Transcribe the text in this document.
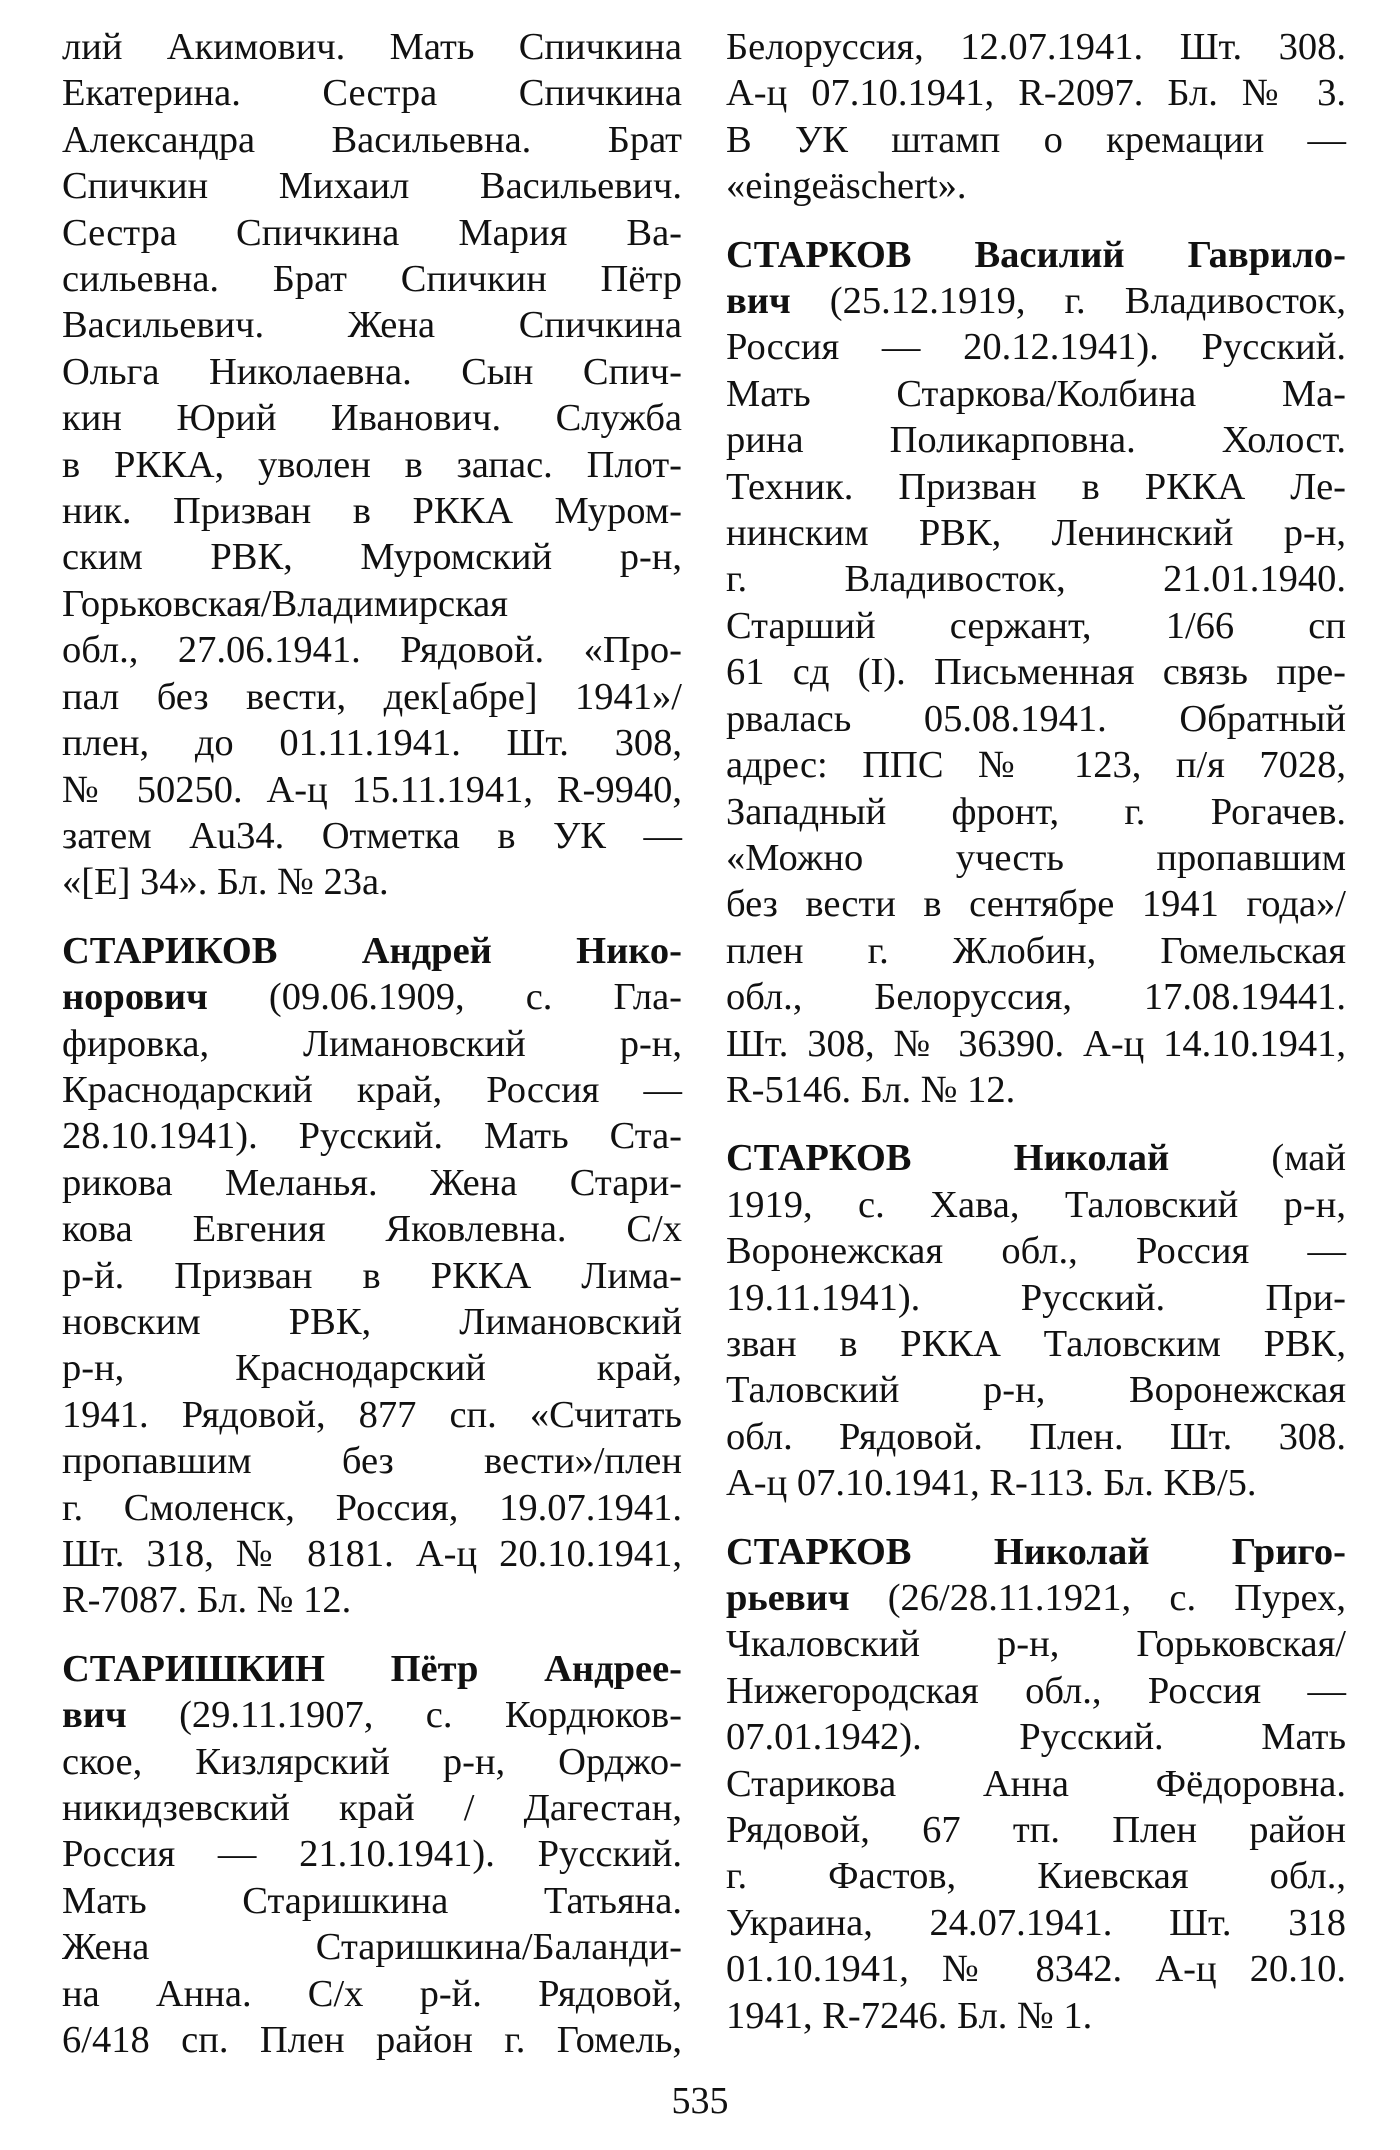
лий Акимович. Мать Спичкина
Екатерина. Сестра Спичкина
Александра Васильевна. Брат
Спичкин Михаил Васильевич.
Сестра Спичкина Мария Ва-
сильевна. Брат Спичкин Пётр
Васильевич. Жена Спичкина
Ольга Николаевна. Сын Спич-
кин Юрий Иванович. Служба
в РККА, уволен в запас. Плот-
ник. Призван в РККА Муром-
ским РВК, Муромский р-н,
Горьковская/Владимирская
обл., 27.06.1941. Рядовой. «Про-
пал без вести, дек[абре] 1941»/
плен, до 01.11.1941. Шт. 308,
№ 50250. А-ц 15.11.1941, R-9940,
затем Au34. Отметка в УК —
«[E] 34». Бл. № 23а.
СТАРИКОВ Андрей Нико-
норович (09.06.1909, с. Гла-
фировка, Лимановский р-н,
Краснодарский край, Россия —
28.10.1941). Русский. Мать Ста-
рикова Меланья. Жена Стари-
кова Евгения Яковлевна. С/х
р-й. Призван в РККА Лима-
новским РВК, Лимановский
р-н, Краснодарский край,
1941. Рядовой, 877 сп. «Считать
пропавшим без вести»/плен
г. Смоленск, Россия, 19.07.1941.
Шт. 318, № 8181. А-ц 20.10.1941,
R-7087. Бл. № 12.
СТАРИШКИН Пётр Андрее-
вич (29.11.1907, с. Кордюков-
ское, Кизлярский р-н, Орджо-
никидзевский край / Дагестан,
Россия — 21.10.1941). Русский.
Мать Старишкина Татьяна.
Жена Старишкина/Баланди-
на Анна. С/х р-й. Рядовой,
6/418 сп. Плен район г. Гомель,
Белоруссия, 12.07.1941. Шт. 308.
А-ц 07.10.1941, R-2097. Бл. № 3.
В УК штамп о кремации —
«eingeäschert».
СТАРКОВ Василий Гаврило-
вич (25.12.1919, г. Владивосток,
Россия — 20.12.1941). Русский.
Мать Старкова/Колбина Ма-
рина Поликарповна. Холост.
Техник. Призван в РККА Ле-
нинским РВК, Ленинский р-н,
г. Владивосток, 21.01.1940.
Старший сержант, 1/66 сп
61 сд (I). Письменная связь пре-
рвалась 05.08.1941. Обратный
адрес: ППС № 123, п/я 7028,
Западный фронт, г. Рогачев.
«Можно учесть пропавшим
без вести в сентябре 1941 года»/
плен г. Жлобин, Гомельская
обл., Белоруссия, 17.08.19441.
Шт. 308, № 36390. А-ц 14.10.1941,
R-5146. Бл. № 12.
СТАРКОВ Николай (май
1919, с. Хава, Таловский р-н,
Воронежская обл., Россия —
19.11.1941). Русский. При-
зван в РККА Таловским РВК,
Таловский р-н, Воронежская
обл. Рядовой. Плен. Шт. 308.
А-ц 07.10.1941, R-113. Бл. KB/5.
СТАРКОВ Николай Григо-
рьевич (26/28.11.1921, с. Пурех,
Чкаловский р-н, Горьковская/
Нижегородская обл., Россия —
07.01.1942). Русский. Мать
Старикова Анна Фёдоровна.
Рядовой, 67 тп. Плен район
г. Фастов, Киевская обл.,
Украина, 24.07.1941. Шт. 318
01.10.1941, № 8342. А-ц 20.10.
1941, R-7246. Бл. № 1.
535
